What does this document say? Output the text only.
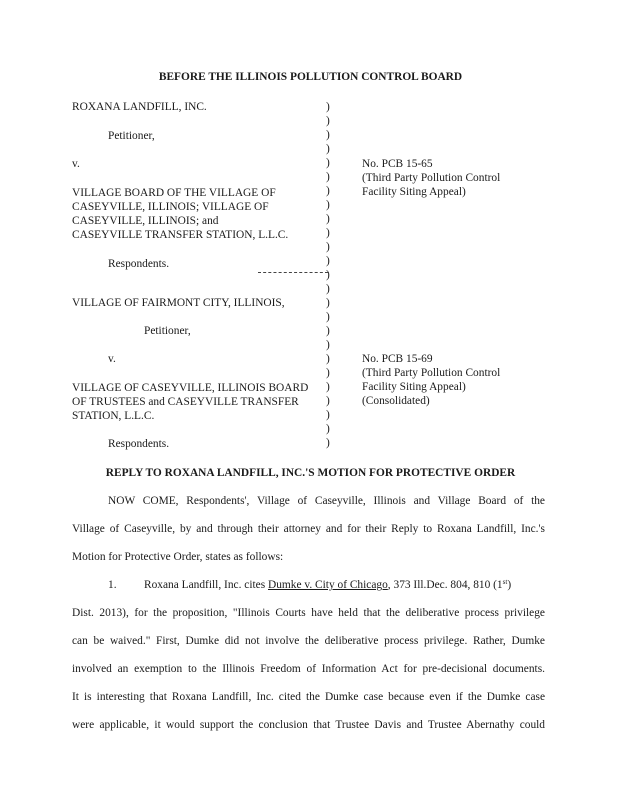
BEFORE THE ILLINOIS POLLUTION CONTROL BOARD
ROXANA LANDFILL, INC.
Petitioner,
v.
VILLAGE BOARD OF THE VILLAGE OF
CASEYVILLE, ILLINOIS; VILLAGE OF
CASEYVILLE, ILLINOIS; and
CASEYVILLE TRANSFER STATION, L.L.C.
Respondents.
No. PCB 15-65
(Third Party Pollution Control
Facility Siting Appeal)
VILLAGE OF FAIRMONT CITY, ILLINOIS,
Petitioner,
v.
VILLAGE OF CASEYVILLE, ILLINOIS BOARD
OF TRUSTEES and CASEYVILLE TRANSFER
STATION, L.L.C.
Respondents.
No. PCB 15-69
(Third Party Pollution Control
Facility Siting Appeal)
(Consolidated)
)
)
)
)
)
)
)
)
)
)
)
)
)
)
)
)
)
)
)
)
)
)
)
)
)
REPLY TO ROXANA LANDFILL, INC.'S MOTION FOR PROTECTIVE ORDER
NOW COME, Respondents', Village of Caseyville, Illinois and Village Board of the
Village of Caseyville, by and through their attorney and for their Reply to Roxana Landfill, Inc.'s
Motion for Protective Order, states as follows:
1.	Roxana Landfill, Inc. cites Dumke v. City of Chicago, 373 Ill.Dec. 804, 810 (1st)
Dist. 2013), for the proposition, "Illinois Courts have held that the deliberative process privilege
can be waived." First, Dumke did not involve the deliberative process privilege. Rather, Dumke
involved an exemption to the Illinois Freedom of Information Act for pre-decisional documents.
It is interesting that Roxana Landfill, Inc. cited the Dumke case because even if the Dumke case
were applicable, it would support the conclusion that Trustee Davis and Trustee Abernathy could
